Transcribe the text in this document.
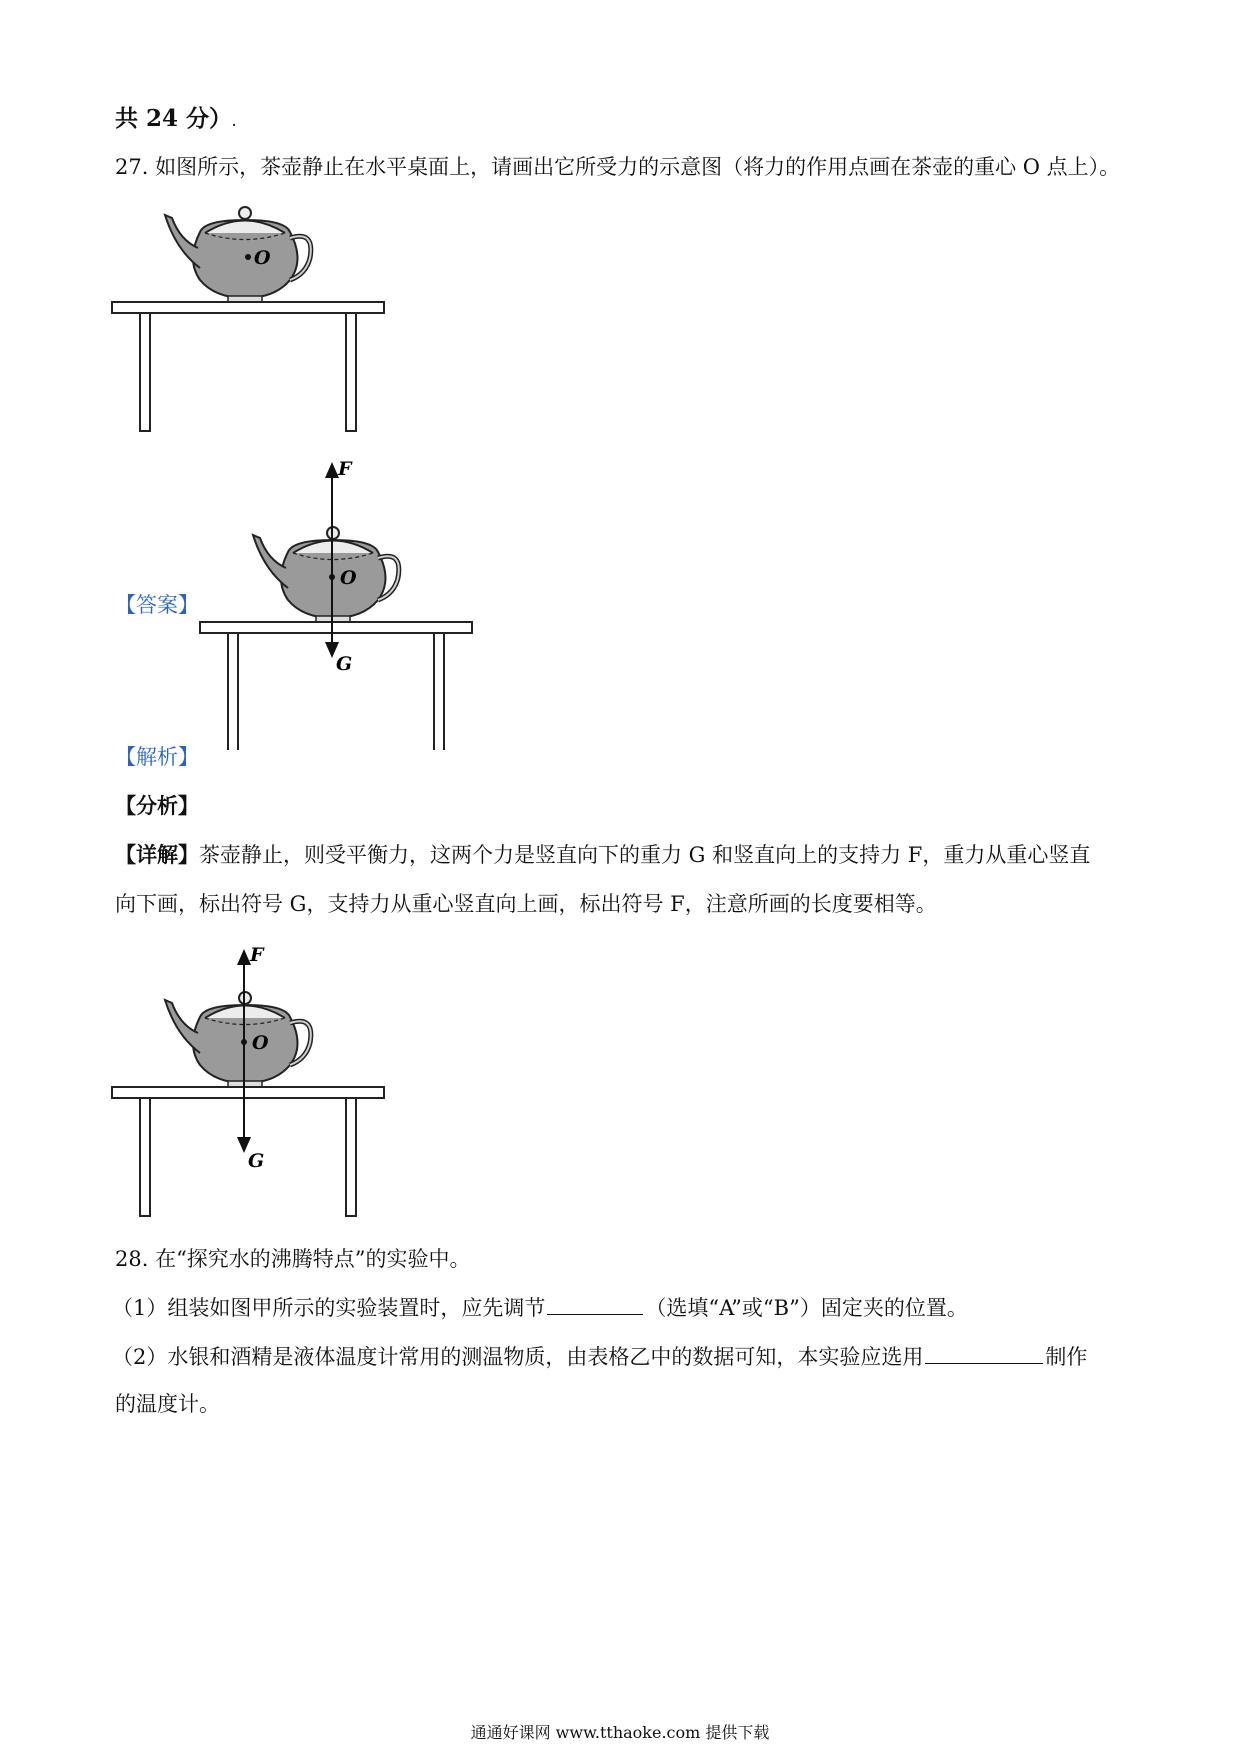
共 24 分）.
27. 如图所示，茶壶静止在水平桌面上，请画出它所受力的示意图（将力的作用点画在茶壶的重心 O 点上）。
O
【答案】
F
O
G
【解析】
【分析】
【详解】茶壶静止，则受平衡力，这两个力是竖直向下的重力 G 和竖直向上的支持力 F，重力从重心竖直
向下画，标出符号 G，支持力从重心竖直向上画，标出符号 F，注意所画的长度要相等。
F
O
G
28. 在“探究水的沸腾特点”的实验中。
（1）组装如图甲所示的实验装置时，应先调节	（选填“A”或“B”）固定夹的位置。
（2）水银和酒精是液体温度计常用的测温物质，由表格乙中的数据可知，本实验应选用	制作
的温度计。
通通好课网 www.tthaoke.com 提供下载
